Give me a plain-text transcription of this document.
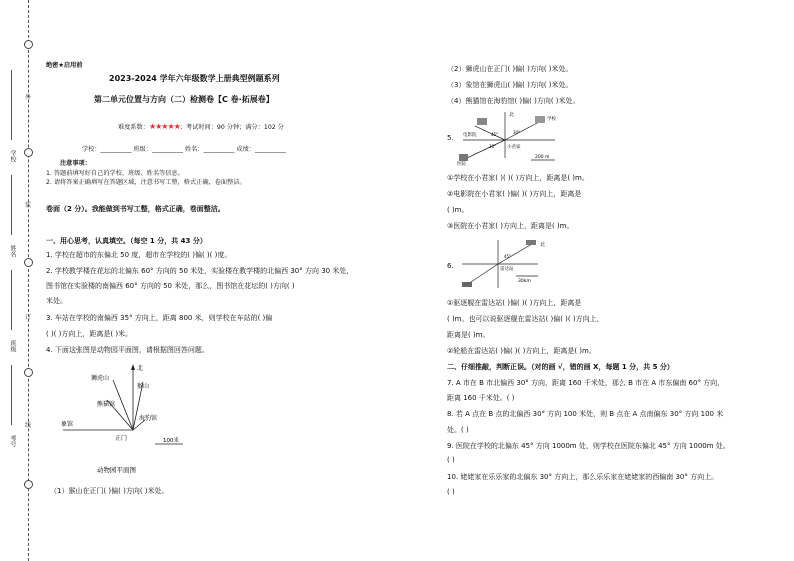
外
装
订
线
学校
姓名
班级
考号
绝密★启用前
2023-2024 学年六年级数学上册典型例题系列
第二单元位置与方向（二）检测卷【C 卷·拓展卷】
难度系数：★★★★★；考试时间：90 分钟；满分：102 分
学校：__________ 班级：__________ 姓名：__________ 成绩：__________
注意事项：
1. 答题前填写好自己的学校、班级、姓名等信息。
2. 请将答案正确填写在答题区域，注意书写工整，格式正确，卷面整洁。
卷面（2 分）。我能做到书写工整，格式正确，卷面整洁。
一、用心思考，认真填空。（每空 1 分，共 43 分）
1. 学校在超市的东偏北 50 度，超市在学校的( )偏( )( )度。
2. 学校教学楼在花坛的北偏东 60° 方向的 50 米处，实验楼在教学楼的北偏西 30° 方向 30 米处，
图书馆在实验楼的南偏西 60° 方向的 50 米处，那么，图书馆在花坛的( )方向( )
米处。
3. 车站在学校的南偏西 35° 方向上，距离 800 米，则学校在车站的( )偏
( )( )方向上，距离是( )米。
4. 下面这张图是动物园平面图，请根据图回答问题。
北
狮虎山
猴山
熊猫馆
海豹馆
象馆
正门	100米
动物园平面图
（1）猴山在正门( )偏( )方向( )米处。
（2）狮虎山在正门( )偏( )方向( )米处。
（3）象馆在狮虎山( )偏( )方向( )米处。
（4）熊猫馆在海豹馆( )偏( )方向( )米处。
5.
北
学校
小君家
电影院
医院
30°
45°
30°
200 m
①学校在小君家( )( )( )方向上，距离是( )m。
②电影院在小君家( )偏( )( )方向上，距离是
( )m。
③医院在小君家( )方向上，距离是( )m。
6.
北
雷达站
30km
45°
①驱逐舰在雷达站( )偏( )( )方向上，距离是
( )m。也可以说驱逐舰在雷达站( )偏( )( )方向上，
距离是( )m。
②轮船在雷达站( )偏( )( )方向上，距离是( )m。
二、仔细推敲，判断正误。（对的画 √，错的画 X，每题 1 分，共 5 分）
7. A 市在 B 市北偏西 30° 方向，距离 160 千米处，那么 B 市在 A 市东偏南 60° 方向，
距离 160 千米处。( )
8. 若 A 点在 B 点的北偏西 30° 方向 100 米处，则 B 点在 A 点南偏东 30° 方向 100 米
处。( )
9. 医院在学校的北偏东 45° 方向 1000m 处，则学校在医院东偏北 45° 方向 1000m 处。
( )
10. 姥姥家在乐乐家的北偏东 30° 方向上，那么乐乐家在姥姥家的西偏南 30° 方向上。
( )
